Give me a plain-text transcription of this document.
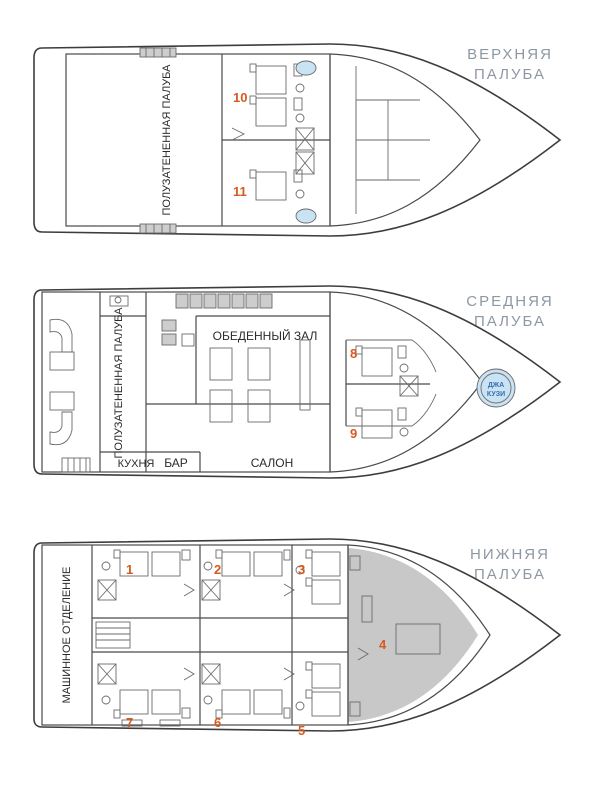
ВЕРХНЯЯ
ПАЛУБА
СРЕДНЯЯ
ПАЛУБА
НИЖНЯЯ
ПАЛУБА
10
11
ПОЛУЗАТЕНЕННАЯ ПАЛУБА
8
9
ОБЕДЕННЫЙ ЗАЛ
ПОЛУЗАТЕНЕННАЯ ПАЛУБА
САЛОН
КУХНЯ БАР
ДЖА
КУЗИ
1	2	3
4
5
6
7
МАШИННОЕ ОТДЕЛЕНИЕ
